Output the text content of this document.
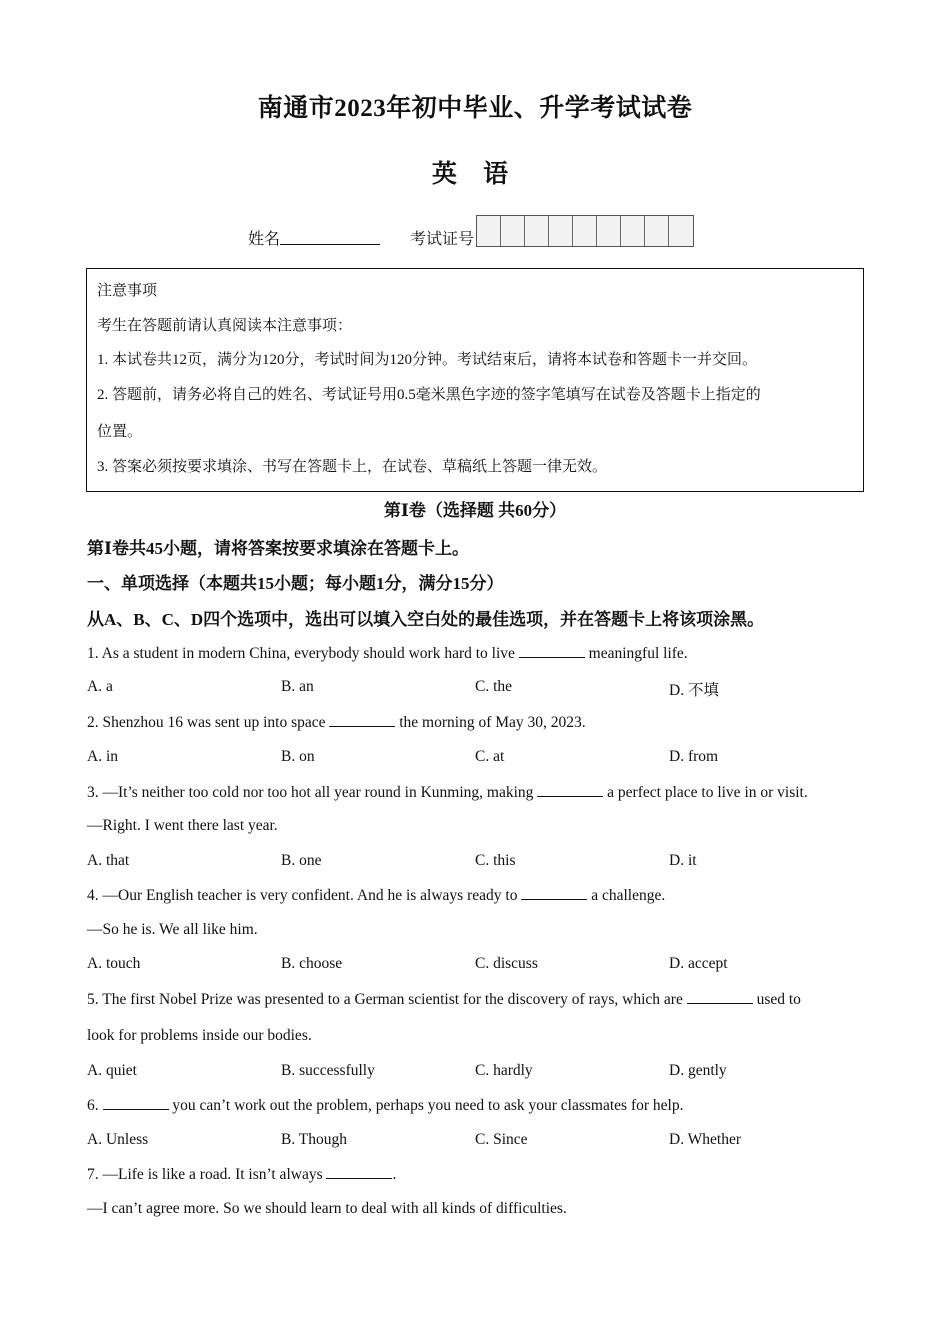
南通市2023年初中毕业、升学考试试卷
英 语
姓名	考试证号
注意事项
考生在答题前请认真阅读本注意事项：
1. 本试卷共12页，满分为120分，考试时间为120分钟。考试结束后，请将本试卷和答题卡一并交回。
2. 答题前，请务必将自己的姓名、考试证号用0.5毫米黑色字迹的签字笔填写在试卷及答题卡上指定的
位置。
3. 答案必须按要求填涂、书写在答题卡上，在试卷、草稿纸上答题一律无效。
第Ⅰ卷（选择题 共60分）
第Ⅰ卷共45小题，请将答案按要求填涂在答题卡上。
一、单项选择（本题共15小题；每小题1分，满分15分）
从A、B、C、D四个选项中，选出可以填入空白处的最佳选项，并在答题卡上将该项涂黑。
1. As a student in modern China, everybody should work hard to live	meaningful life.
A. a	B. an	C. the	D. 不填
2. Shenzhou 16 was sent up into space	the morning of May 30, 2023.
A. in	B. on	C. at	D. from
3. —It’s neither too cold nor too hot all year round in Kunming, making	a perfect place to live in or visit.
—Right. I went there last year.
A. that	B. one	C. this	D. it
4. —Our English teacher is very confident. And he is always ready to	a challenge.
—So he is. We all like him.
A. touch	B. choose	C. discuss	D. accept
5. The first Nobel Prize was presented to a German scientist for the discovery of rays, which are	used to
look for problems inside our bodies.
A. quiet	B. successfully	C. hardly	D. gently
6.	you can’t work out the problem, perhaps you need to ask your classmates for help.
A. Unless	B. Though	C. Since	D. Whether
7. —Life is like a road. It isn’t always	.
—I can’t agree more. So we should learn to deal with all kinds of difficulties.
